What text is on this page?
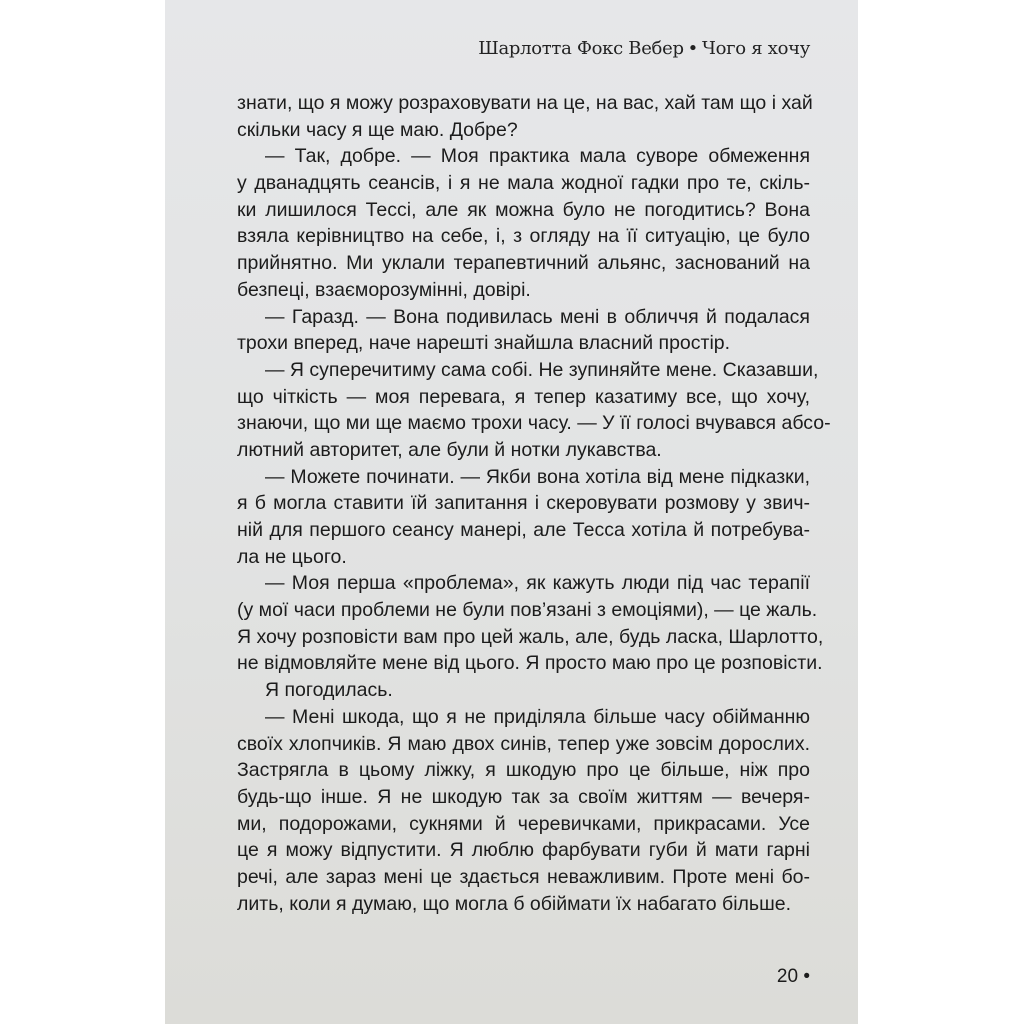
Шарлотта Фокс Вебер • Чого я хочу
знати, що я можу розраховувати на це, на вас, хай там що і хай
скільки часу я ще маю. Добре?
— Так, добре. — Моя практика мала суворе обмеження
у дванадцять сеансів, і я не мала жодної гадки про те, скіль-
ки лишилося Тессі, але як можна було не погодитись? Вона
взяла керівництво на себе, і, з огляду на її ситуацію, це було
прийнятно. Ми уклали терапевтичний альянс, заснований на
безпеці, взаєморозумінні, довірі.
— Гаразд. — Вона подивилась мені в обличчя й подалася
трохи вперед, наче нарешті знайшла власний простір.
— Я суперечитиму сама собі. Не зупиняйте мене. Сказавши,
що чіткість — моя перевага, я тепер казатиму все, що хочу,
знаючи, що ми ще маємо трохи часу. — У її голосі вчувався абсо-
лютний авторитет, але були й нотки лукавства.
— Можете починати. — Якби вона хотіла від мене підказки,
я б могла ставити їй запитання і скеровувати розмову у звич-
ній для першого сеансу манері, але Тесса хотіла й потребува-
ла не цього.
— Моя перша «проблема», як кажуть люди під час терапії
(у мої часи проблеми не були пов’язані з емоціями), — це жаль.
Я хочу розповісти вам про цей жаль, але, будь ласка, Шарлотто,
не відмовляйте мене від цього. Я просто маю про це розповісти.
Я погодилась.
— Мені шкода, що я не приділяла більше часу обійманню
своїх хлопчиків. Я маю двох синів, тепер уже зовсім дорослих.
Застрягла в цьому ліжку, я шкодую про це більше, ніж про
будь-що інше. Я не шкодую так за своїм життям — вечеря-
ми, подорожами, сукнями й черевичками, прикрасами. Усе
це я можу відпустити. Я люблю фарбувати губи й мати гарні
речі, але зараз мені це здається неважливим. Проте мені бо-
лить, коли я думаю, що могла б обіймати їх набагато більше.
20 •
